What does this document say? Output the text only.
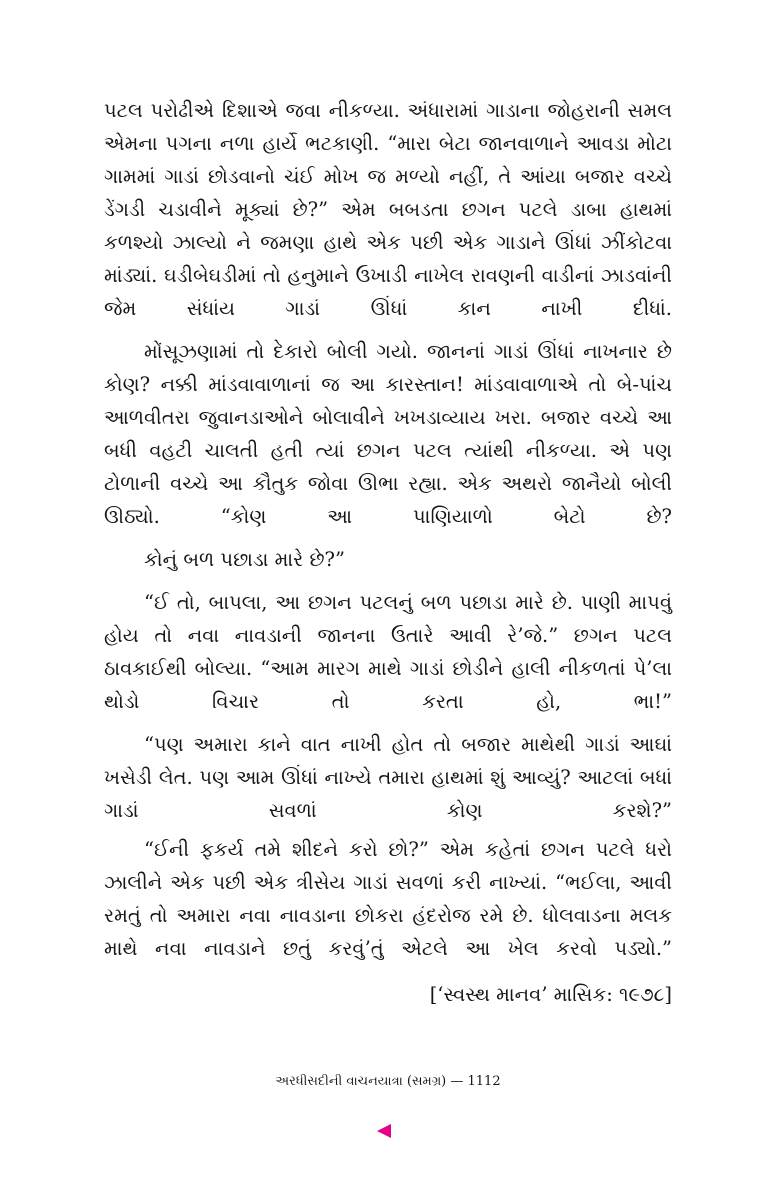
પટલ પરોઢીએ દિશાએ જવા નીકળ્યા. અંધારામાં ગાડાના જોહરાની સમલ એમના પગના નળા હાર્યે ભટકાણી. “મારા બેટા જાનવાળાને આવડા મોટા ગામમાં ગાડાં છોડવાનો ચંઈ મોખ જ મળ્યો નહીં, તે આંયા બજાર વચ્ચે ડેંગડી ચડાવીને મૂક્યાં છે?” એમ બબડતા છગન પટલે ડાબા હાથમાં કળશ્યો ઝાલ્યો ને જમણા હાથે એક પછી એક ગાડાને ઊંધાં ઝીંકોટવા માંડ્યાં. ઘડીબેઘડીમાં તો હનુમાને ઉખાડી નાખેલ રાવણની વાડીનાં ઝાડવાંની જેમ સંધાંય ગાડાં ઊંધાં કાન નાખી દીધાં.

મોંસૂઝણામાં તો દેકારો બોલી ગયો. જાનનાં ગાડાં ઊંધાં નાખનાર છે કોણ? નક્કી માંડવાવાળાનાં જ આ કારસ્તાન! માંડવાવાળાએ તો બે-પાંચ આળવીતરા જુવાનડાઓને બોલાવીને ખખડાવ્યાય ખરા. બજાર વચ્ચે આ બધી વહટી ચાલતી હતી ત્યાં છગન પટલ ત્યાંથી નીકળ્યા. એ પણ ટોળાની વચ્ચે આ કૌતુક જોવા ઊભા રહ્યા. એક અથરો જાનૈયો બોલી ઊઠ્યો. “કોણ આ પાણિયાળો બેટો છે?

કોનું બળ પછાડા મારે છે?”

“ઈ તો, બાપલા, આ છગન પટલનું બળ પછાડા મારે છે. પાણી માપવું હોય તો નવા નાવડાની જાનના ઉતારે આવી રે’જે.” છગન પટલ ઠાવકાઈથી બોલ્યા. “આમ મારગ માથે ગાડાં છોડીને હાલી નીકળતાં પે’લા થોડો વિચાર તો કરતા હો, ભા!”

“પણ અમારા કાને વાત નાખી હોત તો બજાર માથેથી ગાડાં આઘાં ખસેડી લેત. પણ આમ ઊંધાં નાખ્યે તમારા હાથમાં શું આવ્યું? આટલાં બધાં ગાડાં સવળાં કોણ કરશે?”

“ઈની ફકર્ય તમે શીદને કરો છો?” એમ કહેતાં છગન પટલે ધરો ઝાલીને એક પછી એક ત્રીસેય ગાડાં સવળાં કરી નાખ્યાં. “ભઈલા, આવી રમતું તો અમારા નવા નાવડાના છોકરા હંદરોજ રમે છે. ધોલવાડના મલક માથે નવા નાવડાને છતું કરવું’તું એટલે આ ખેલ કરવો પડ્યો.”

[‘સ્વસ્થ માનવ’ માસિક: ૧૯૭૮]
અરધીસદીની વાચનયાત્રા (સમગ્ર) — 1112
